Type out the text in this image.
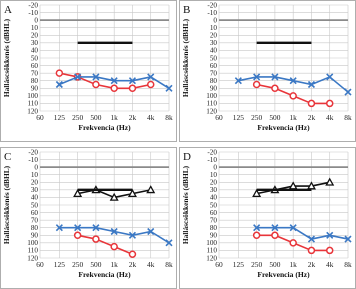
-20
-10
0
10
20
30
40
50
60
70
80
90
100
110
120
60 125 250 500 1k 2k 4k 8k
Frekvencia (Hz)
Halláscsökkenés (dBHL)
A	-20
-10
0
10
20
30
40
50
60
70
80
90
100
110
120
60 125 250 500 1k 2k 4k 8k
Frekvencia (Hz)
Halláscsökkenés (dBHL)
B
-20
-10
0
10
20
30
40
50
60
70
80
90
100
110
120
60 125 250 500 1k 2k 4k 8k
Frekvencia (Hz)
Halláscsökkenés (dBHL)
C	-20
-10
0
10
20
30
40
50
60
70
80
90
100
110
120
60 125 250 500 1k 2k 4k 8k
Frekvencia (Hz)
Halláscsökkenés (dBHL)
D
